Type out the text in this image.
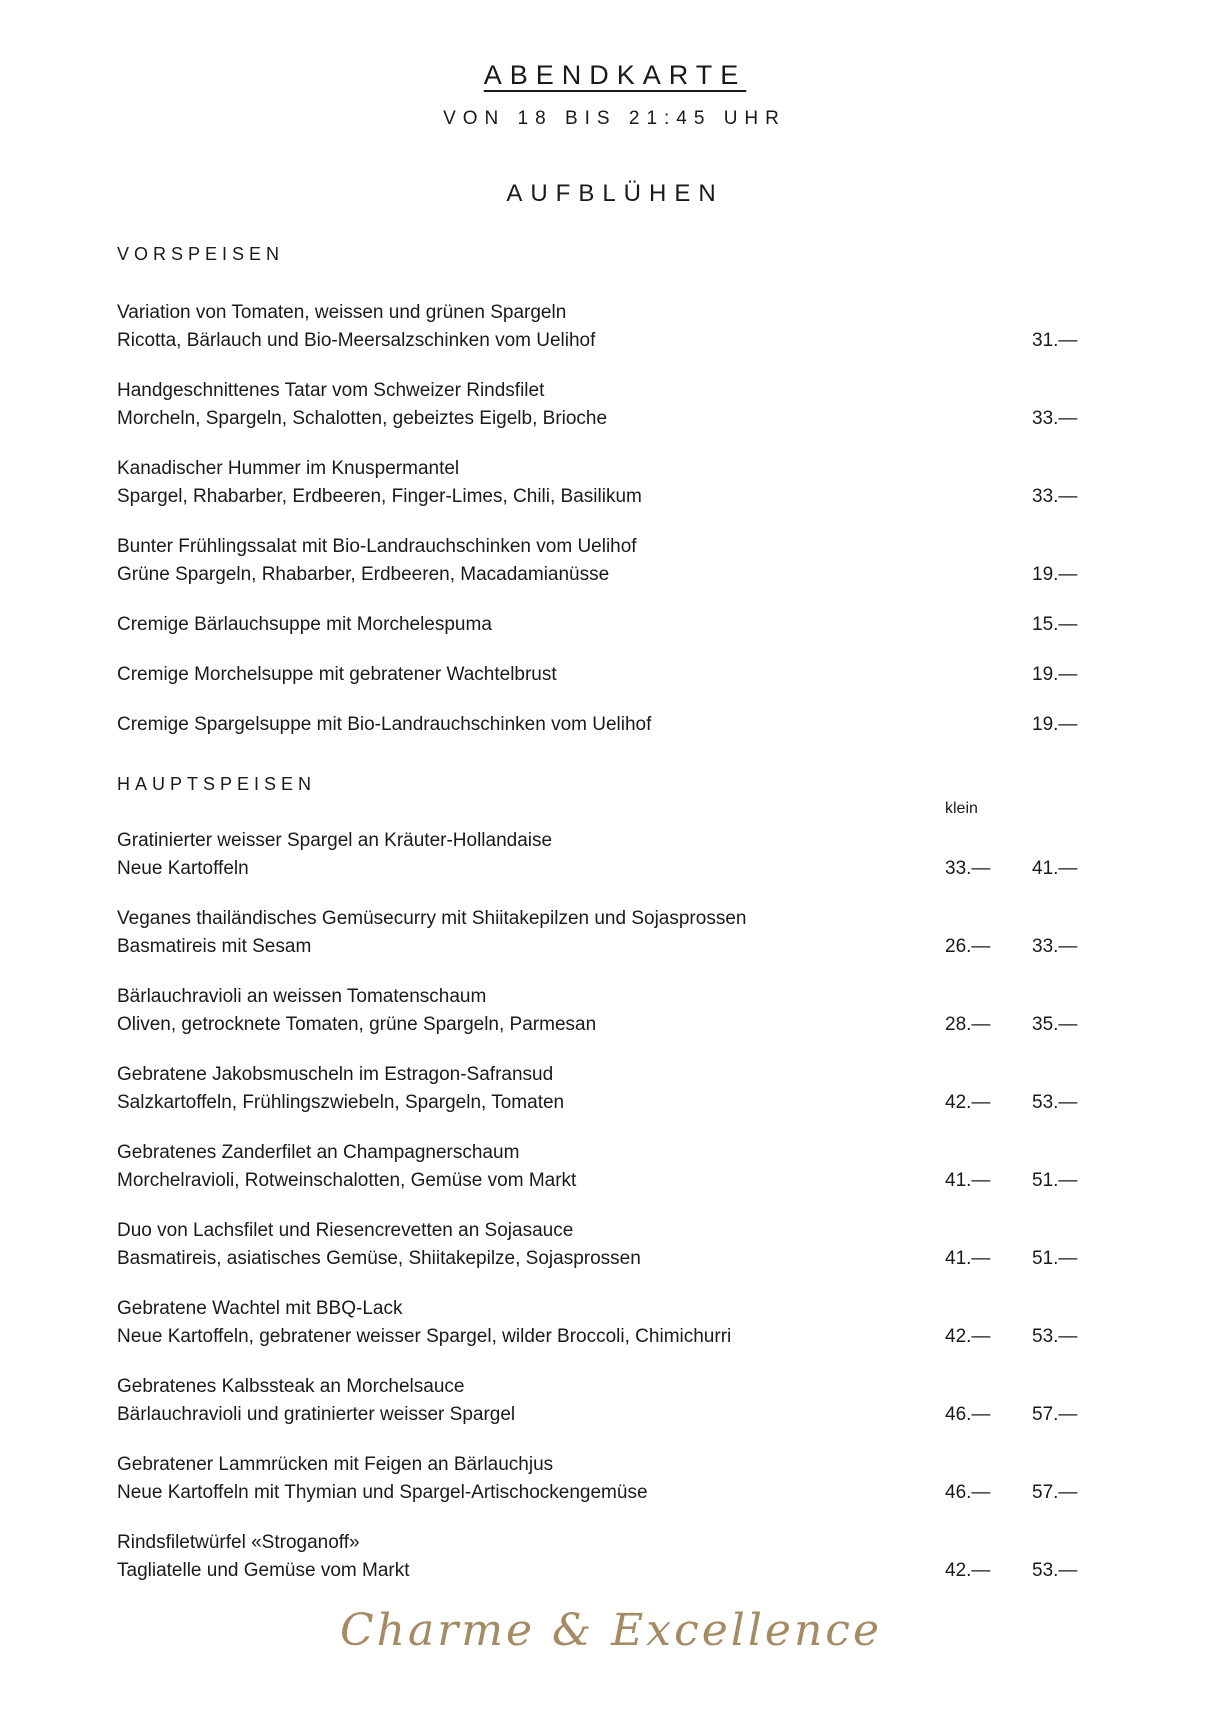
ABENDKARTE
VON 18 BIS 21:45 UHR
AUFBLÜHEN
VORSPEISEN
Variation von Tomaten, weissen und grünen Spargeln
Ricotta, Bärlauch und Bio-Meersalzschinken vom Uelihof	31.—
Handgeschnittenes Tatar vom Schweizer Rindsfilet
Morcheln, Spargeln, Schalotten, gebeiztes Eigelb, Brioche	33.—
Kanadischer Hummer im Knuspermantel
Spargel, Rhabarber, Erdbeeren, Finger-Limes, Chili, Basilikum	33.—
Bunter Frühlingssalat mit Bio-Landrauchschinken vom Uelihof
Grüne Spargeln, Rhabarber, Erdbeeren, Macadamianüsse	19.—
Cremige Bärlauchsuppe mit Morchelespuma	15.—
Cremige Morchelsuppe mit gebratener Wachtelbrust	19.—
Cremige Spargelsuppe mit Bio-Landrauchschinken vom Uelihof	19.—
HAUPTSPEISEN
klein
Gratinierter weisser Spargel an Kräuter-Hollandaise
Neue Kartoffeln	33.— 41.—
Veganes thailändisches Gemüsecurry mit Shiitakepilzen und Sojasprossen
Basmatireis mit Sesam	26.— 33.—
Bärlauchravioli an weissen Tomatenschaum
Oliven, getrocknete Tomaten, grüne Spargeln, Parmesan	28.— 35.—
Gebratene Jakobsmuscheln im Estragon-Safransud
Salzkartoffeln, Frühlingszwiebeln, Spargeln, Tomaten	42.— 53.—
Gebratenes Zanderfilet an Champagnerschaum
Morchelravioli, Rotweinschalotten, Gemüse vom Markt	41.— 51.—
Duo von Lachsfilet und Riesencrevetten an Sojasauce
Basmatireis, asiatisches Gemüse, Shiitakepilze, Sojasprossen	41.— 51.—
Gebratene Wachtel mit BBQ-Lack
Neue Kartoffeln, gebratener weisser Spargel, wilder Broccoli, Chimichurri	42.— 53.—
Gebratenes Kalbssteak an Morchelsauce
Bärlauchravioli und gratinierter weisser Spargel	46.— 57.—
Gebratener Lammrücken mit Feigen an Bärlauchjus
Neue Kartoffeln mit Thymian und Spargel-Artischockengemüse	46.— 57.—
Rindsfiletwürfel «Stroganoff»
Tagliatelle und Gemüse vom Markt	42.— 53.—
Charme & Excellence
